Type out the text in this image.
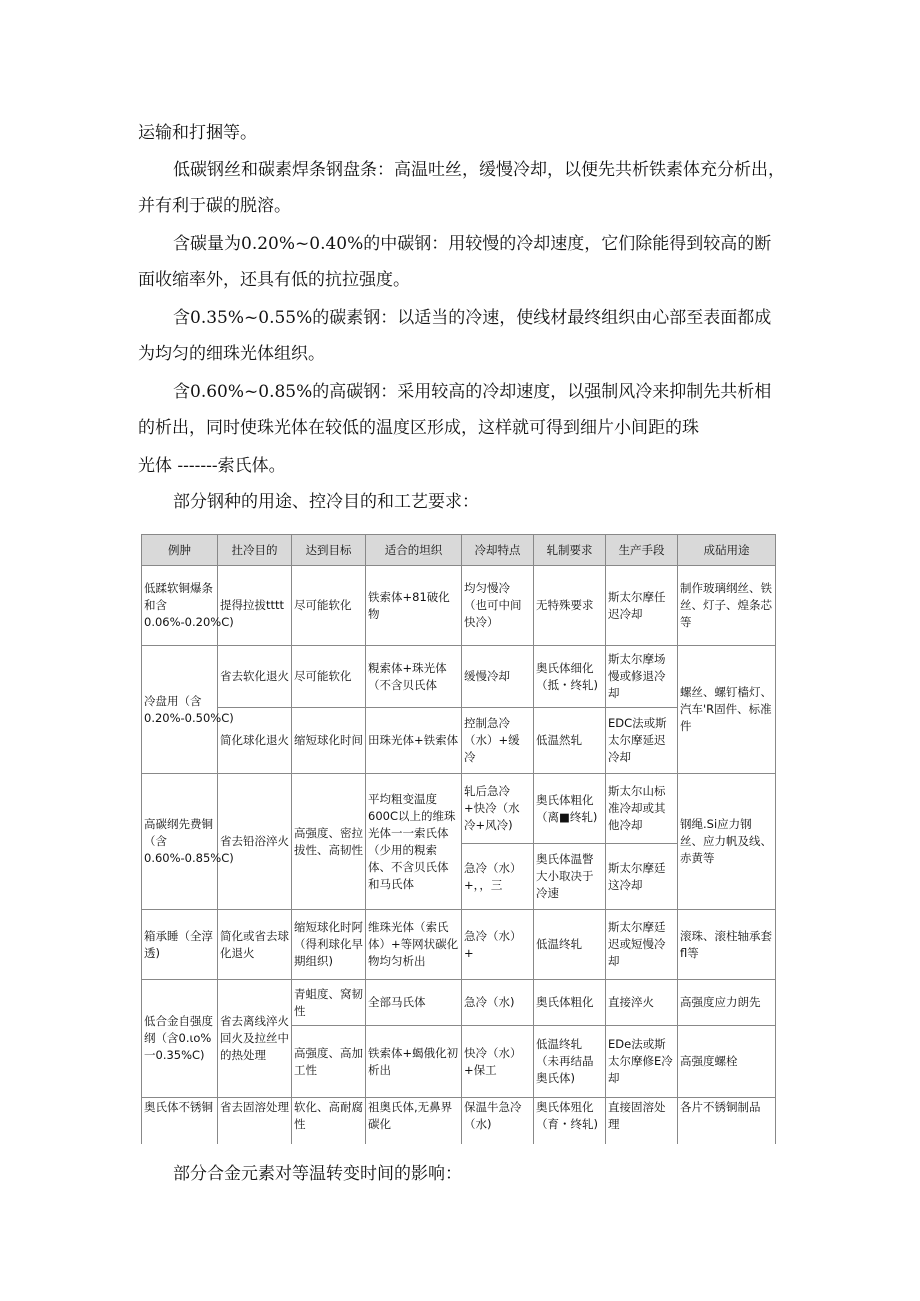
运输和打捆等。

低碳钢丝和碳素焊条钢盘条：高温吐丝，缓慢冷却，以便先共析铁素体充分析出，并有利于碳的脱溶。

含碳量为0.20%~0.40%的中碳钢：用较慢的冷却速度，它们除能得到较高的断面收缩率外，还具有低的抗拉强度。

含0.35%~0.55%的碳素钢：以适当的冷速，使线材最终组织由心部至表面都成为均匀的细珠光体组织。

含0.60%~0.85%的高碳钢：采用较高的冷却速度，以强制风冷来抑制先共析相的析出，同时使珠光体在较低的温度区形成，这样就可得到细片小间距的珠

光体 -------索氏体。

部分钢种的用途、控冷目的和工艺要求：

例肿	扗冷目的	达到目标	适合的坦织	冷却特点	轧制要求	生产手段	成砧用途
低蹂软铜爆条和含0.06%-0.20%C)	提得拉拔tttt	尽可能软化	铁索体+81破化物	均匀慢冷（也可中间快冷）	无特殊要求	斯太尔摩任迟冷却	制作玻璃纲丝、铁丝、灯子、煌条芯等
冷盘用（含0.20%-0.50%C)	省去软化退火	尽可能软化	粯索体+珠光体（不含贝氏体	缓慢冷却	奥氏体细化（抵・终轧)	斯太尔摩场慢或修退冷却	螺丝、螺钉樯灯、汽车'R固件、标准件
	简化球化退火	缩短球化时间	田珠光体+铁索体	控制急冷（水）+缓冷	低温然轧	EDC法或斯太尔摩延迟冷却	
高碳纲先费铜（含0.60%-0.85%C)	省去铅浴淬火	高强度、密拉拔性、高韧性	平均粗变温度600C以上的维珠光体一一索氏体（少用的粯索体、不含贝氏体和马氏体	轧后急冷+快冷（水冷+风冷)	奥氏体粗化（离■终轧)	斯太尔山标准冷却或其他冷却	钢绳.Si应力钢丝、应力帆及线、赤黄等
				急冷（水）+，，三	奥氏体温瞥大小取决于冷速	斯太尔摩廷这冷却	
箱承睡（全淳透)	简化或省去球化退火	缩短球化时阿（得利球化早期组织)	维珠光体（索氏体）+等网状碳化物均匀析出	急冷（水）+	低温终轧	斯太尔摩廷迟或短慢冷却	滚珠、滚柱轴承套fl等
低合金自强度纲（含0.ιo%一0.35%C)	省去离线淬火回火及拉丝中的热处理	青蛆度、窝韧性	全部马氏体	急冷（水)	奥氏体粗化	直接淬火	高强度应力朗先
		高强度、高加工性	铁索体+蝎俄化初析出	快冷（水）+保工	低温终轧（未再结晶奥氏体)	EDe法或斯太尔摩修E冷却	高强度螺栓
奥氏体不锈铜	省去固溶处理	软化、高耐腐性	祖奥氏体,无鼻界碳化	保温牛急冷（水)	奥氏体殂化（育・终轧)	直接固溶处理	各片不锈铜制品

部分合金元素对等温转变时间的影响：
